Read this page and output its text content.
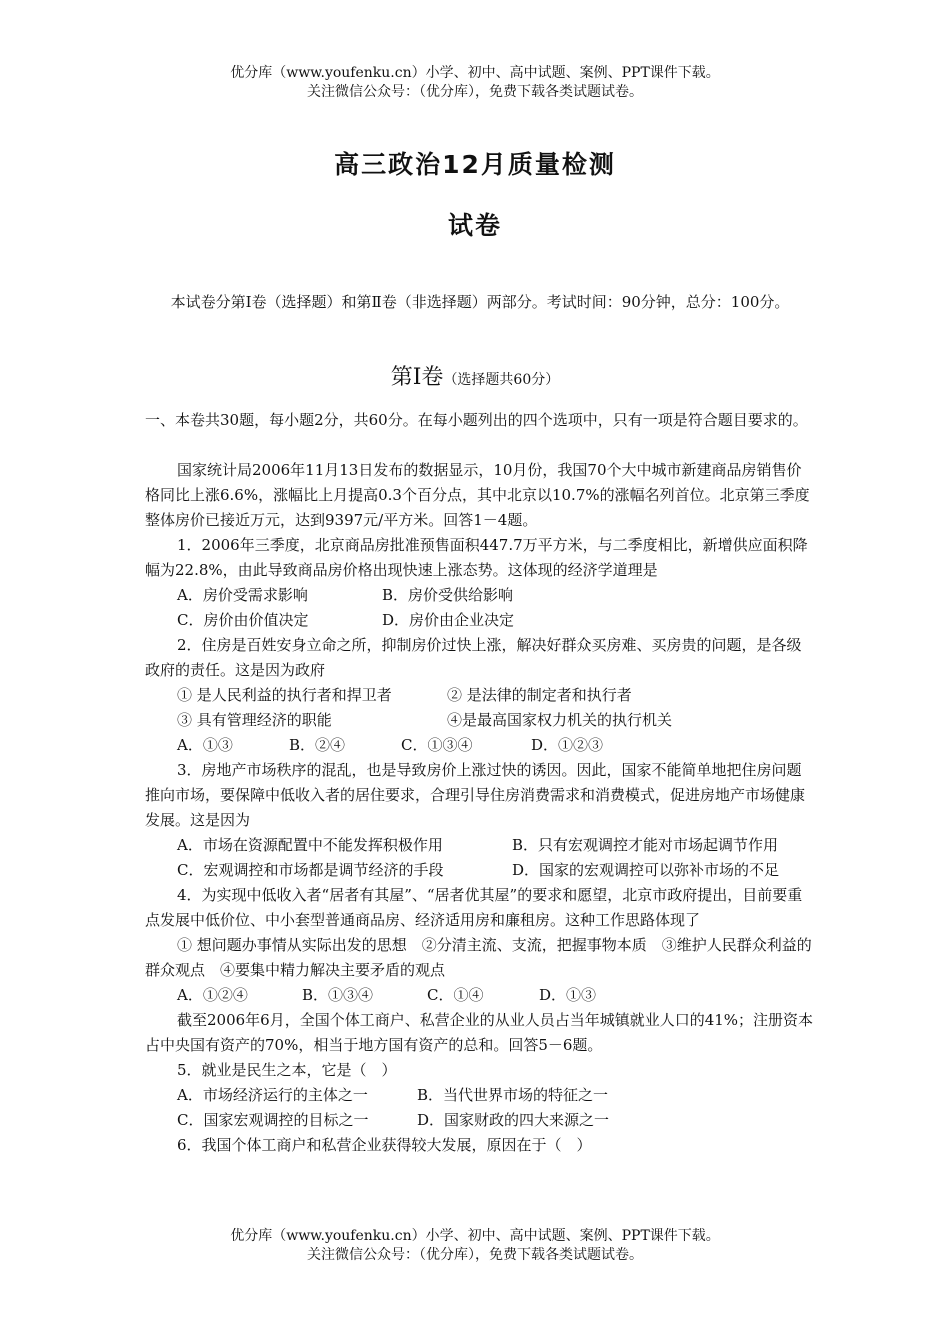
优分库（www.youfenku.cn）小学、初中、高中试题、案例、PPT课件下载。
关注微信公众号：（优分库），免费下载各类试题试卷。
高三政治12月质量检测
试卷
本试卷分第Ⅰ卷（选择题）和第Ⅱ卷（非选择题）两部分。考试时间：90分钟，总分：100分。
第Ⅰ卷（选择题共60分）

一、本卷共30题，每小题2分，共60分。在每小题列出的四个选项中，只有一项是符合题目要求的。

国家统计局2006年11月13日发布的数据显示，10月份，我国70个大中城市新建商品房销售价格同比上涨6.6%，涨幅比上月提高0.3个百分点，其中北京以10.7%的涨幅名列首位。北京第三季度整体房价已接近万元，达到9397元/平方米。回答1－4题。

1．2006年三季度，北京商品房批准预售面积447.7万平方米，与二季度相比，新增供应面积降幅为22.8%，由此导致商品房价格出现快速上涨态势。这体现的经济学道理是

A．房价受需求影响	B．房价受供给影响
C．房价由价值决定	D．房价由企业决定

2．住房是百姓安身立命之所，抑制房价过快上涨，解决好群众买房难、买房贵的问题，是各级政府的责任。这是因为政府

① 是人民利益的执行者和捍卫者	② 是法律的制定者和执行者
③ 具有管理经济的职能	④是最高国家权力机关的执行机关
A．①③	B．②④	C．①③④	D．①②③

3．房地产市场秩序的混乱，也是导致房价上涨过快的诱因。因此，国家不能简单地把住房问题推向市场，要保障中低收入者的居住要求，合理引导住房消费需求和消费模式，促进房地产市场健康发展。这是因为

A．市场在资源配置中不能发挥积极作用	B．只有宏观调控才能对市场起调节作用
C．宏观调控和市场都是调节经济的手段	D．国家的宏观调控可以弥补市场的不足

4．为实现中低收入者“居者有其屋”、“居者优其屋”的要求和愿望，北京市政府提出，目前要重点发展中低价位、中小套型普通商品房、经济适用房和廉租房。这种工作思路体现了

① 想问题办事情从实际出发的思想　②分清主流、支流，把握事物本质　③维护人民群众利益的群众观点　④要集中精力解决主要矛盾的观点

A．①②④	B．①③④	C．①④	D．①③

截至2006年6月，全国个体工商户、私营企业的从业人员占当年城镇就业人口的41%；注册资本占中央国有资产的70%，相当于地方国有资产的总和。回答5－6题。

5．就业是民生之本，它是（　）

A．市场经济运行的主体之一	B．当代世界市场的特征之一
C．国家宏观调控的目标之一	D．国家财政的四大来源之一

6．我国个体工商户和私营企业获得较大发展，原因在于（　）

优分库（www.youfenku.cn）小学、初中、高中试题、案例、PPT课件下载。
关注微信公众号：（优分库），免费下载各类试题试卷。
